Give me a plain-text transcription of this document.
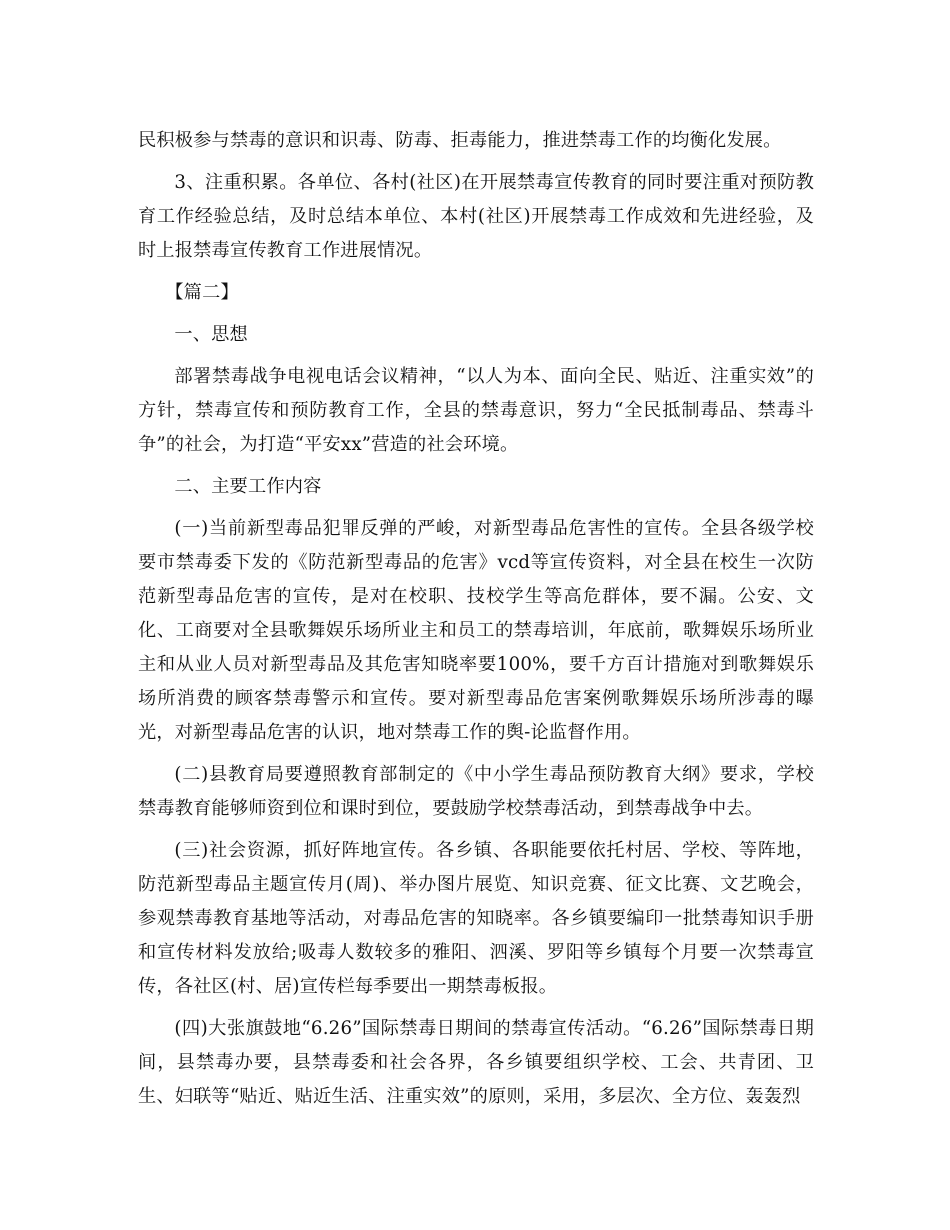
民积极参与禁毒的意识和识毒、防毒、拒毒能力，推进禁毒工作的均衡化发展。

3、注重积累。各单位、各村(社区)在开展禁毒宣传教育的同时要注重对预防教育工作经验总结，及时总结本单位、本村(社区)开展禁毒工作成效和先进经验，及时上报禁毒宣传教育工作进展情况。

【篇二】

一、思想

部署禁毒战争电视电话会议精神，“以人为本、面向全民、贴近、注重实效”的方针，禁毒宣传和预防教育工作，全县的禁毒意识，努力“全民抵制毒品、禁毒斗争”的社会，为打造“平安xx”营造的社会环境。

二、主要工作内容

(一)当前新型毒品犯罪反弹的严峻，对新型毒品危害性的宣传。全县各级学校要市禁毒委下发的《防范新型毒品的危害》vcd等宣传资料，对全县在校生一次防范新型毒品危害的宣传，是对在校职、技校学生等高危群体，要不漏。公安、文化、工商要对全县歌舞娱乐场所业主和员工的禁毒培训，年底前，歌舞娱乐场所业主和从业人员对新型毒品及其危害知晓率要100%，要千方百计措施对到歌舞娱乐场所消费的顾客禁毒警示和宣传。要对新型毒品危害案例歌舞娱乐场所涉毒的曝光，对新型毒品危害的认识，地对禁毒工作的舆-论监督作用。

(二)县教育局要遵照教育部制定的《中小学生毒品预防教育大纲》要求，学校禁毒教育能够师资到位和课时到位，要鼓励学校禁毒活动，到禁毒战争中去。

(三)社会资源，抓好阵地宣传。各乡镇、各职能要依托村居、学校、等阵地，防范新型毒品主题宣传月(周)、举办图片展览、知识竞赛、征文比赛、文艺晚会，参观禁毒教育基地等活动，对毒品危害的知晓率。各乡镇要编印一批禁毒知识手册和宣传材料发放给;吸毒人数较多的雅阳、泗溪、罗阳等乡镇每个月要一次禁毒宣传，各社区(村、居)宣传栏每季要出一期禁毒板报。

(四)大张旗鼓地“6.26”国际禁毒日期间的禁毒宣传活动。“6.26”国际禁毒日期间，县禁毒办要，县禁毒委和社会各界，各乡镇要组织学校、工会、共青团、卫生、妇联等“贴近、贴近生活、注重实效”的原则，采用，多层次、全方位、轰轰烈
